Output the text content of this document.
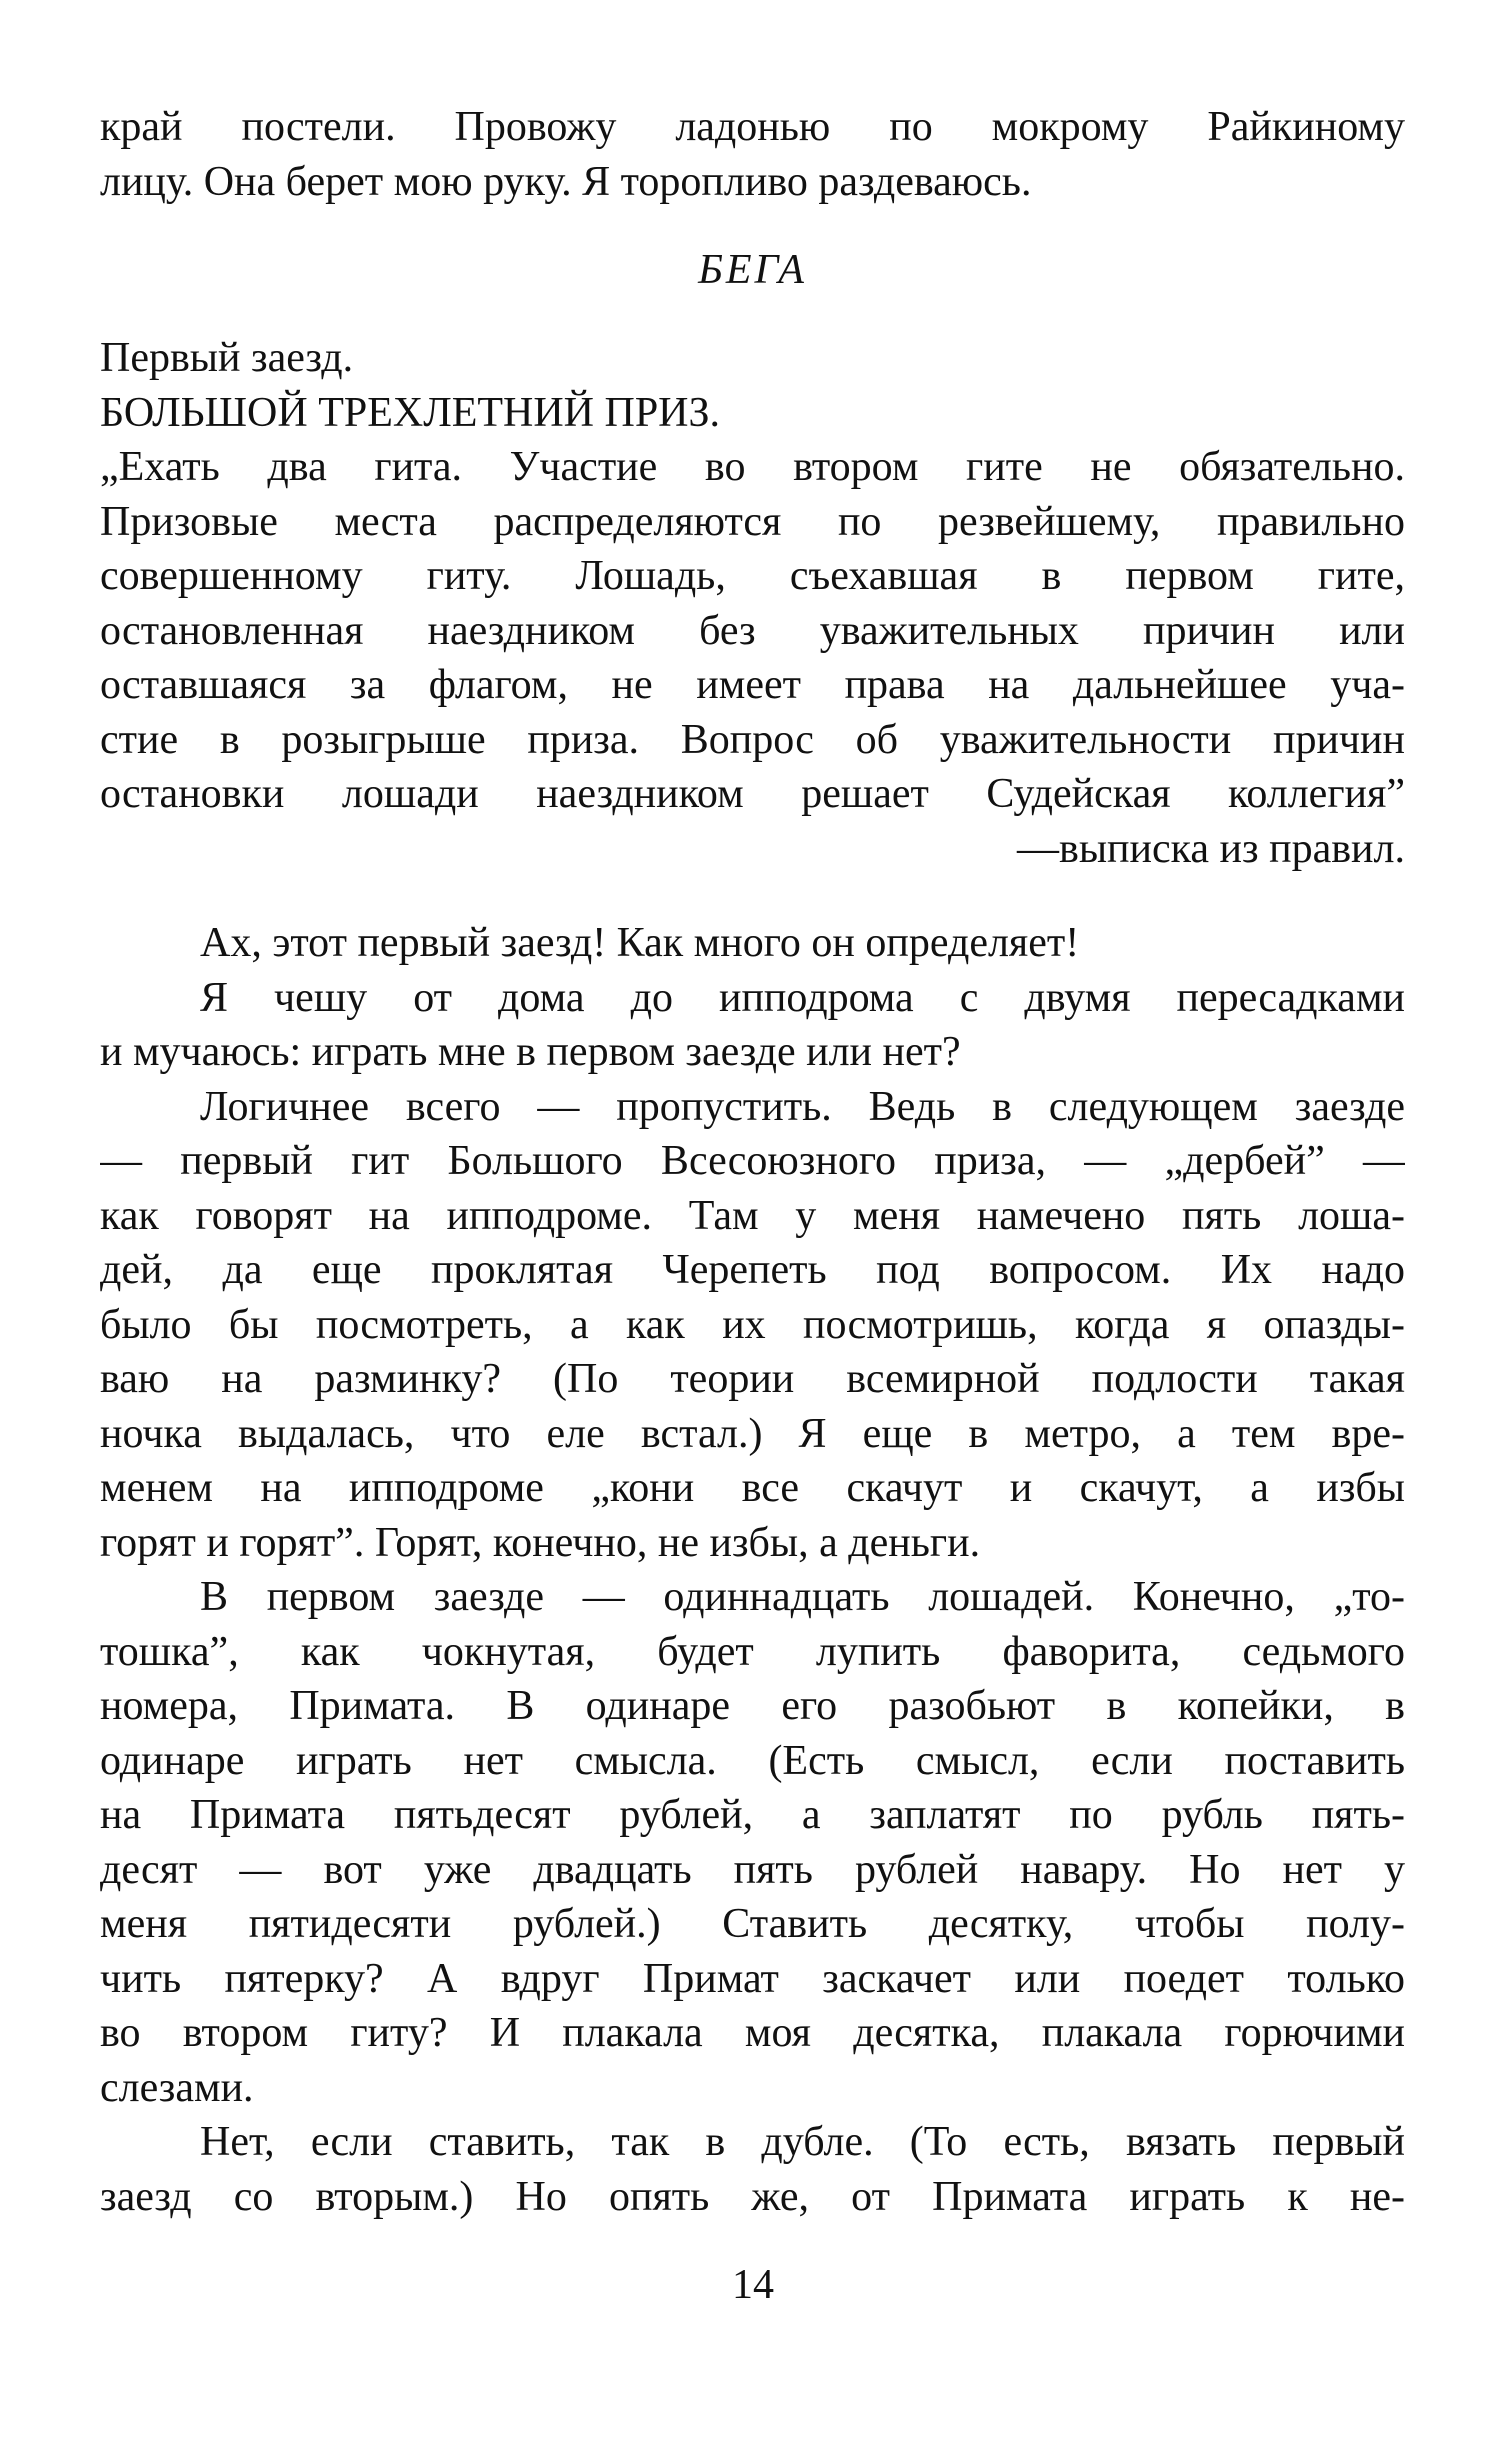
край постели. Провожу ладонью по мокрому Райкиному
лицу. Она берет мою руку. Я торопливо раздеваюсь.
БЕГА
Первый заезд.
БОЛЬШОЙ ТРЕХЛЕТНИЙ ПРИЗ.
„Ехать два гита. Участие во втором гите не обязательно.
Призовые места распределяются по резвейшему, правильно
совершенному гиту. Лошадь, съехавшая в первом гите,
остановленная наездником без уважительных причин или
оставшаяся за флагом, не имеет права на дальнейшее уча-
стие в розыгрыше приза. Вопрос об уважительности причин
остановки лошади наездником решает Судейская коллегия”
—выписка из правил.
Ах, этот первый заезд! Как много он определяет!
Я чешу от дома до ипподрома с двумя пересадками
и мучаюсь: играть мне в первом заезде или нет?
Логичнее всего — пропустить. Ведь в следующем заезде
— первый гит Большого Всесоюзного приза, — „дербей” —
как говорят на ипподроме. Там у меня намечено пять лоша-
дей, да еще проклятая Черепеть под вопросом. Их надо
было бы посмотреть, а как их посмотришь, когда я опазды-
ваю на разминку? (По теории всемирной подлости такая
ночка выдалась, что еле встал.) Я еще в метро, а тем вре-
менем на ипподроме „кони все скачут и скачут, а избы
горят и горят”. Горят, конечно, не избы, а деньги.
В первом заезде — одиннадцать лошадей. Конечно, „то-
тошка”, как чокнутая, будет лупить фаворита, седьмого
номера, Примата. В одинаре его разобьют в копейки, в
одинаре играть нет смысла. (Есть смысл, если поставить
на Примата пятьдесят рублей, а заплатят по рубль пять-
десят — вот уже двадцать пять рублей навару. Но нет у
меня пятидесяти рублей.) Ставить десятку, чтобы полу-
чить пятерку? А вдруг Примат заскачет или поедет только
во втором гиту? И плакала моя десятка, плакала горючими
слезами.
Нет, если ставить, так в дубле. (То есть, вязать первый
заезд со вторым.) Но опять же, от Примата играть к не-
14
